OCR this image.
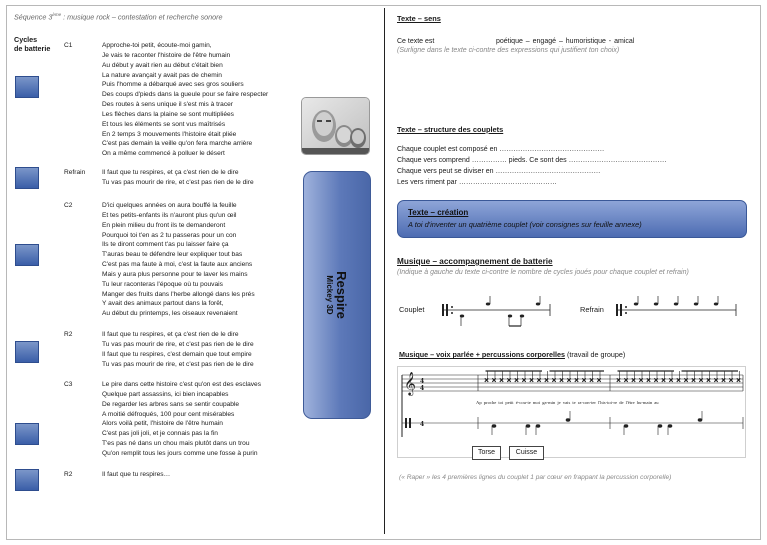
Séquence 3ème : musique rock – contestation et recherche sonore
Cycles
de batterie C1	Approche-toi petit, écoute-moi gamin,
Je vais te raconter l'histoire de l'être humain
Au début y avait rien au début c'était bien
La nature avançait y avait pas de chemin
Puis l'homme a débarqué avec ses gros souliers
Des coups d'pieds dans la gueule pour se faire respecter
Des routes à sens unique il s'est mis à tracer
Les flèches dans la plaine se sont multipliées
Et tous les éléments se sont vus maîtrisés
En 2 temps 3 mouvements l'histoire était pliée
C'est pas demain la veille qu'on fera marche arrière
On a même commencé à polluer le désert
Refrain	Il faut que tu respires, et ça c'est rien de le dire
Tu vas pas mourir de rire, et c'est pas rien de le dire
C2	D'ici quelques années on aura bouffé la feuille
Et tes petits-enfants ils n'auront plus qu'un œil
En plein milieu du front ils te demanderont
Pourquoi toi t'en as 2 tu passeras pour un con
Ils te diront comment t'as pu laisser faire ça
T'auras beau te défendre leur expliquer tout bas
C'est pas ma faute à moi, c'est la faute aux anciens
Mais y aura plus personne pour te laver les mains
Tu leur raconteras l'époque où tu pouvais
Manger des fruits dans l'herbe allongé dans les prés
Y avait des animaux partout dans la forêt,
Au début du printemps, les oiseaux revenaient
R2	Il faut que tu respires, et ça c'est rien de le dire
Tu vas pas mourir de rire, et c'est pas rien de le dire
Il faut que tu respires, c'est demain que tout empire
Tu vas pas mourir de rire, et c'est pas rien de le dire
C3	Le pire dans cette histoire c'est qu'on est des esclaves
Quelque part assassins, ici bien incapables
De regarder les arbres sans se sentir coupable
A moitié défroqués, 100 pour cent misérables
Alors voilà petit, l'histoire de l'être humain
C'est pas joli joli, et je connais pas la fin
T'es pas né dans un chou mais plutôt dans un trou
Qu'on remplit tous les jours comme une fosse à purin
R2	Il faut que tu respires…
Respire
Mickey 3D
Texte – sens
Ce texte est	poétique – engagé – humoristique - amical
(Surligne dans le texte ci-contre des expressions qui justifient ton choix)
Texte – structure des couplets
Chaque couplet est composé en ………………………………………
Chaque vers comprend …………… pieds. Ce sont des ……………………………………
Chaque vers peut se diviser en ………………………………………
Les vers riment par ……………………………………
Texte – création
A toi d'inventer un quatrième couplet (voir consignes sur feuille annexe)
Musique – accompagnement de batterie
(Indique à gauche du texte ci-contre le nombre de cycles joués pour chaque couplet et refrain)
Couplet	Refrain
Musique – voix parlée + percussions corporelles (travail de groupe)
𝄞 4
4
× × × × × × × × × × × × × × × × × × × × × × × × × × × × × × × × ×
4
Ap proche toi petit é-cou-te moi ga-min je vais te ra-con-ter l'his-toi-re de l'être hu-main au
Torse	Cuisse
(« Raper » les 4 premières lignes du couplet 1 par cœur en frappant la percussion corporelle)
